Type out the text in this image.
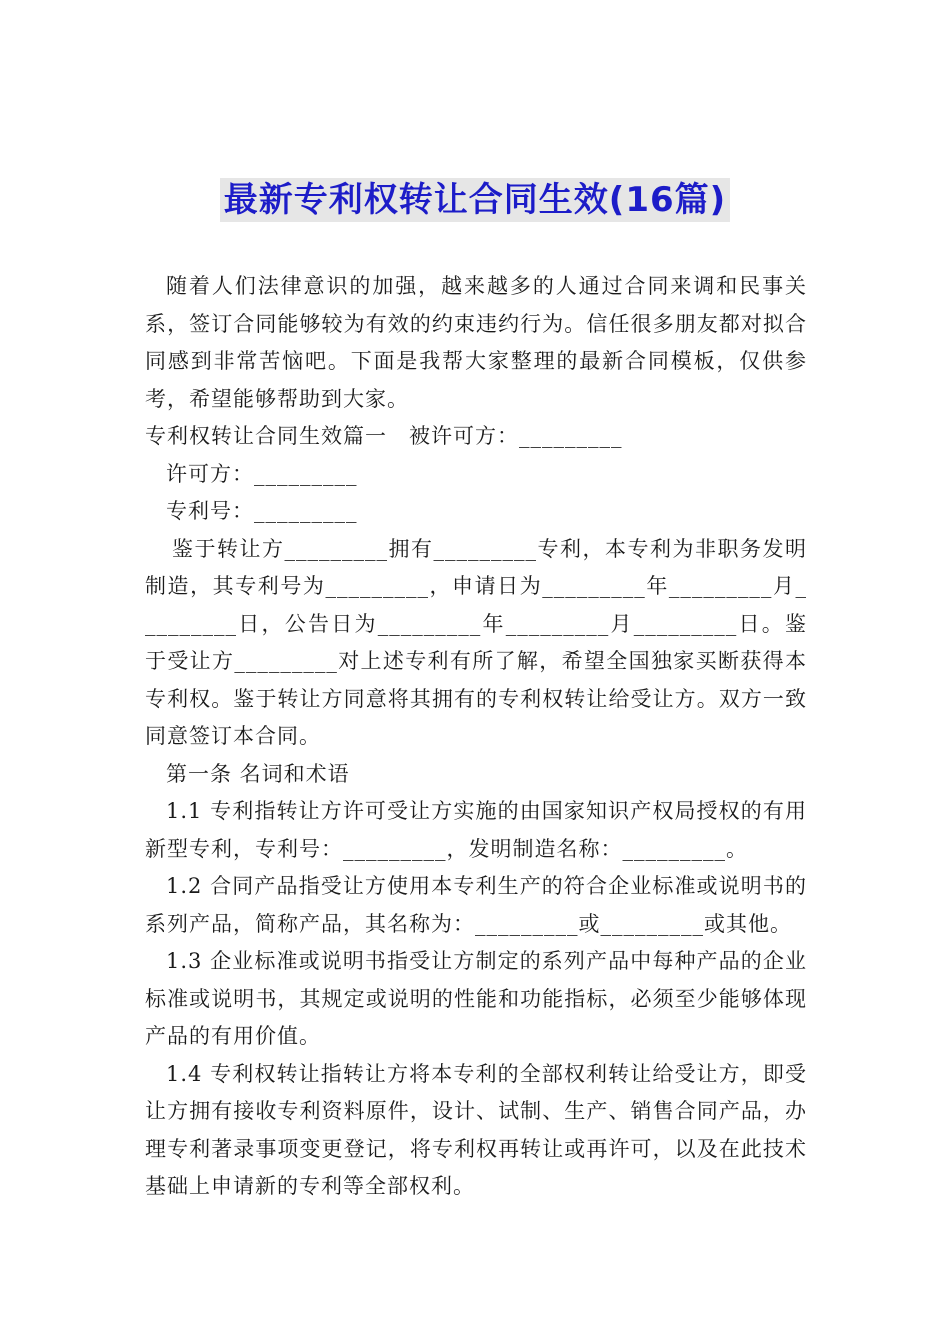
最新专利权转让合同生效(16篇)

随着人们法律意识的加强，越来越多的人通过合同来调和民事关系，签订合同能够较为有效的约束违约行为。信任很多朋友都对拟合同感到非常苦恼吧。下面是我帮大家整理的最新合同模板，仅供参考，希望能够帮助到大家。

专利权转让合同生效篇一　被许可方：_________

许可方：_________

专利号：_________

鉴于转让方_________拥有_________专利，本专利为非职务发明制造，其专利号为_________，申请日为_________年_________月_________日，公告日为_________年_________月_________日。鉴于受让方_________对上述专利有所了解，希望全国独家买断获得本专利权。鉴于转让方同意将其拥有的专利权转让给受让方。双方一致同意签订本合同。

第一条 名词和术语

1.1 专利指转让方许可受让方实施的由国家知识产权局授权的有用新型专利，专利号：_________，发明制造名称：_________。

1.2 合同产品指受让方使用本专利生产的符合企业标准或说明书的系列产品，简称产品，其名称为：_________或_________或其他。

1.3 企业标准或说明书指受让方制定的系列产品中每种产品的企业标准或说明书，其规定或说明的性能和功能指标，必须至少能够体现产品的有用价值。

1.4 专利权转让指转让方将本专利的全部权利转让给受让方，即受让方拥有接收专利资料原件，设计、试制、生产、销售合同产品，办理专利著录事项变更登记，将专利权再转让或再许可，以及在此技术基础上申请新的专利等全部权利。
